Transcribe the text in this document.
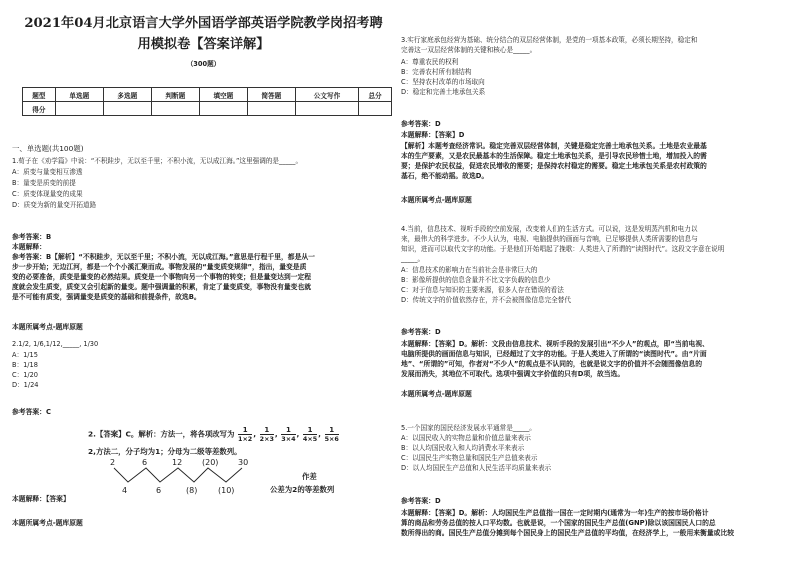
2021年04月北京语言大学外国语学部英语学院教学岗招考聘
用模拟卷【答案详解】
（300题）
题型	单选题	多选题	判断题	填空题	简答题	公文写作	总分
得分							
一、单选题(共100题)
1.荀子在《劝学篇》中说：“不积跬步，无以至千里；不积小流，无以成江海。”这里强调的是_____。
A：质变与量变相互渗透
B：量变是质变的前提
C：质变体现量变的成果
D：质变为新的量变开拓道路
参考答案：B
本题解释：
参考答案：B【解析】“不积跬步，无以至千里；不积小流，无以成江海。”意思是行程千里，都是从一
步一步开始；无边江河，都是一个个小溪汇聚而成。事物发展的“量变质变规律”，指出，量变是质
变的必要准备，质变是量变的必然结果。质变是一个事物向另一个事物的转变；但是量变达到一定程
度就会发生质变，质变又会引起新的量变。题中强调量的积累，肯定了量变质变，事物没有量变也就
是不可能有质变，强调量变是质变的基础和前提条件，故选B。
本题所属考点-题库原题
2.1/2, 1/6,1/12,_____, 1/30
A：1/15
B：1/18
C：1/20
D：1/24
参考答案：C
2.【答案】C。解析：方法一，将各项改写为 $\frac{1}{1\times 2}$ , $\frac{1}{2\times 3}$ , $\frac{1}{3\times 4}$ , $\frac{1}{4\times 5}$ , $\frac{1}{5\times 6}$
2,方法二，分子均为1；分母为二级等差数列。
2	6	12 (20) 30
4	6	(8)	(10)
作差
公差为2的等差数列
本题解释：【答案】
本题所属考点-题库原题
3.实行家庭承包经营为基础、统分结合的双层经营体制，是党的一项基本政策，必须长期坚持，稳定和
完善这一双层经营体制的关键和核心是_____。
A：尊重农民的权利
B：完善农村所有制结构
C：坚持农村改革的市场取向
D：稳定和完善土地承包关系
参考答案：D
本题解释：【答案】D
【解析】本题考查经济常识。稳定完善双层经营体制，关键是稳定完善土地承包关系。土地是农业最基
本的生产要素，又是农民最基本的生活保障。稳定土地承包关系，是引导农民珍惜土地，增加投入的需
要；是保护农民权益，促进农民增收的需要；是保持农村稳定的需要。稳定土地承包关系是农村政策的
基石，绝不能动摇。故选D。
本题所属考点-题库原题
4.当前，信息技术、视听手段的空前发展，改变着人们的生活方式。可以说，这是发明蒸汽机和电力以
来，最伟大的科学进步。不少人认为，电视、电脑提供的画面与音响，已足够提供人类所需要的信息与
知识，进而可以取代文字的功能。于是他们开始唱起了挽歌：人类进入了所谓的“读图时代”。这段文字意在说明
_____。
A：信息技术的影响力在当前社会是非常巨大的
B：影像所提供的信息含量并不比文字负载的信息少
C：对于信息与知识的主要来源，很多人存在错误的看法
D：传统文字的价值依然存在，并不会被图像信息完全替代
参考答案：D
本题解释：【答案】D。解析：文段由信息技术、视听手段的发展引出“不少人”的观点，即“当前电视、
电脑所提供的画面信息与知识，已经超过了文字的功能。于是人类进入了所谓的“读图时代”。由“片面
地”、“所谓的”可知，作者对“不少人”的观点是不认同的，也就是说文字的价值并不会随图像信息的
发展而消失，其地位不可取代。选项中强调文字价值的只有D项，故当选。
本题所属考点-题库原题
5.一个国家的国民经济发展水平通常是_____。
A：以国民收入的实物总量和价值总量来表示
B：以人均国民收入和人均消费水平来表示
C：以国民生产实物总量和国民生产总值来表示
D：以人均国民生产总值和人民生活平均质量来表示
参考答案：D
本题解释：【答案】D。解析：人均国民生产总值指一国在一定时期内(通常为一年)生产的按市场价格计
算的商品和劳务总值的按人口平均数。也就是说，一个国家的国民生产总值(GNP)除以该国国民人口的总
数所得出的商。国民生产总值分摊到每个国民身上的国民生产总值的平均值，在经济学上，一般用来衡量或比较
